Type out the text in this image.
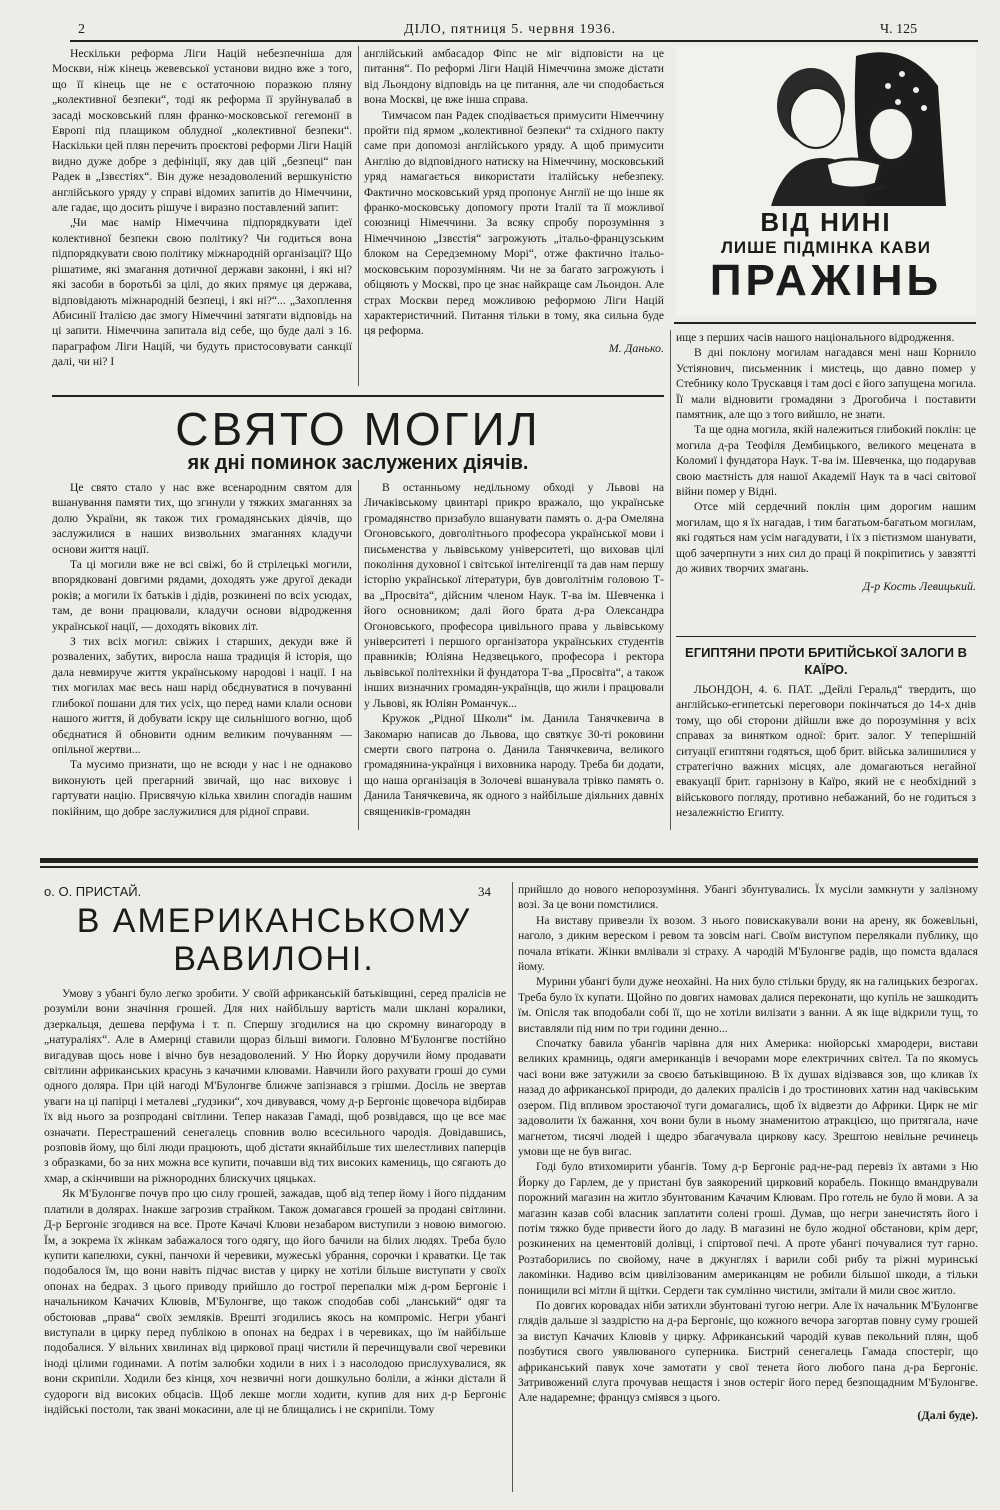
2	ДІЛО, пятниця 5. червня 1936.	Ч. 125

Нeскільки реформа Ліги Націй небезпечніша для Москви, ніж кінець жевевської установи видно вже з того, що її кінець ще не є остаточною поразкою пляну „колективної безпеки“, тоді як реформа її зруйнувалаб в засаді московський плян франко-московської гегемонії в Европі під плащиком облудної „колективної безпеки“. Наскільки цей плян перечить проєктові реформи Ліги Націй видно дуже добре з дефініції, яку дав цій „безпеці“ пан Радек в „Ізвєстіях“. Він дуже незадоволений вершкуністю англійського уряду у справі відомих запитів до Німеччини, але гадає, що досить рішуче і виразно поставлений запит:

„Чи має намір Німеччина підпорядкувати ідеї колективної безпеки свою політику? Чи годиться вона підпорядкувати свою політику міжнародній організації? Що рішатиме, які змагання дотичної держави законні, і які ні? які засоби в боротьбі за цілі, до яких прямує ця держава, відповідають міжнародній безпеці, і які ні?“... „Захоплення Абисинії Італією дає змогу Німеччині затягати відповідь на ці запити. Німеччина запитала від себе, що буде далі з 16. параграфом Ліги Націй, чи будуть пристосовувати санкції далі, чи ні? І

англійський амбасадор Фіпс не міг відповісти на це питання“. По реформі Ліги Націй Німеччина зможе дістати від Льондону відповідь на це питання, але чи сподобається вона Москві, це вже інша справа.

Тимчасом пан Радек сподівається примусити Німеччину пройти під ярмом „колективної безпеки“ та східного пакту саме при допомозі англійського уряду. А щоб примусити Англію до відповідного натиску на Німеччину, московський уряд намагається використати італійську небезпеку. Фактично московський уряд пропонує Англії не що інше як франко-московську допомогу проти Італії та її можливої союзниці Німеччини. За всяку спробу порозуміння з Німеччиною „Ізвєстія“ загрожують „італьо-французським блоком на Середземному Морі“, отже фактично італьо-московським порозумінням. Чи не за багато загрожують і обіцяють у Москві, про це знає найкраще сам Льондон. Але страх Москви перед можливою реформою Ліги Націй характеристичний. Питання тільки в тому, яка сильна буде ця реформа.

М. Данько.
ВІД НИНІ
ЛИШЕ ПІДМІНКА КАВИ
ПРАЖІНЬ
СВЯТО МОГИЛ
як дні поминок заслужених діячів.

Це свято стало у нас вже всенародним святом для вшанування памяти тих, що згинули у тяжких змаганнях за долю України, як також тих громадянських діячів, що заслужилися в наших визвольних змаганнях кладучи основи життя нації.

Та ці могили вже не всі свіжі, бо й стрілецькі могили, впорядковані довгими рядами, доходять уже другої декади років; а могили їх батьків і дідів, розкинені по всіх усюдах, там, де вони працювали, кладучи основи відродження української нації, — доходять вікових літ.

З тих всіх могил: свіжих і старших, декуди вже й розвалених, забутих, виросла наша традиція й історія, що дала невмируче життя українському народові і нації. І на тих могилах має весь наш нарід обєднуватися в почуванні глибокої пошани для тих усіх, що перед нами клали основи нашого життя, й добувати іскру ще сильнішого вогню, щоб обєднатися й обновити одним великим почуванням — опільної жертви...

Та мусимо признати, що не всюди у нас і не однаково виконують цей прегарний звичай, що нас виховує і гартувати націю. Присвячую кілька хвилин спогадів нашим покійним, що добре заслужилися для рідної справи.

В останньому недільному обході у Львові на Личаківському цвинтарі прикро вражало, що українське громадянство призабуло вшанувати память о. д-ра Омеляна Огоновського, довголітнього професора української мови і письменства у львівському університеті, що виховав цілі покоління духовної і світської інтелігенції та дав нам першу історію української літератури, був довголітнім головою Т-ва „Просвіта“, дійсним членом Наук. Т-ва ім. Шевченка і його основником; далі його брата д-ра Олександра Огоновського, професора цивільного права у львівському університеті і першого організатора українських студентів правників; Юліяна Недзвецького, професора і ректора львівської політехніки й фундатора Т-ва „Просвіта“, а також інших визначних громадян-українців, що жили і працювали у Львові, як Юліян Романчук...

Кружок „Рідної Школи“ ім. Данила Танячкевича в Закомарю написав до Львова, що святкує 30-ті роковини смерти свого патрона о. Данила Танячкевича, великого громадянина-українця і виховника народу. Треба би додати, що наша організація в Золочеві вшанувала трівко память о. Данила Танячкевича, як одного з найбільше діяльних давніх священиків-громадян

ище з перших часів нашого національного відродження.

В дні поклону могилам нагадався мені наш Корнило Устіянович, письменник і мистець, що давно помер у Стебнику коло Трускавця і там досі є його запущена могила. Її мали відновити громадяни з Дрогобича і поставити памятник, але що з того вийшло, не знати.

Та ще одна могила, якій належиться глибокий поклін: це могила д-ра Теофіля Дембицького, великого мецената в Коломиї і фундатора Наук. Т-ва ім. Шевченка, що подарував свою маєтність для нашої Академії Наук та в часі світової війни помер у Відні.

Отсе мій сердечний поклін цим дорогим нашим могилам, що я їх нагадав, і тим багатьом-багатьом могилам, які годяться нам усім нагадувати, і їх з пієтизмом шанувати, щоб зачерпнути з них сил до праці й покріпитись у завзятті до живих творчих змагань.

Д-р Кость Левицький.
ЕГИПТЯНИ ПРОТИ БРИТІЙСЬКОЇ ЗАЛОГИ В КАЇРО.

ЛЬОНДОН, 4. 6. ПАТ. „Дейлі Геральд“ твердить, що англійсько-египетські переговори покінчаться до 14-х днів тому, що обі сторони дійшли вже до порозуміння у всіх справах за винятком одної: брит. залог. У теперішній ситуації египтяни годяться, щоб брит. війська залишилися у стратегічно важних місцях, але домагаються негайної евакуації брит. гарнізону в Каїро, який не є необхідний з військового погляду, противно небажаний, бо не годиться з незалежністю Египту.

о. О. ПРИСТАЙ.	34
В АМЕРИКАНСЬКОМУ
ВАВИЛОНІ.

Умову з убангі було легко зробити. У своїй африканській батьківщині, серед пралісів не розуміли вони значіння грошей. Для них найбільшу вартість мали шклані коралики, дзеркальця, дешева перфума і т. п. Спершу згодилися на цю скромну винагороду в „натураліях“. Але в Америці ставили щораз більші вимоги. Головно М'Булонгве постійно вигадував щось нове і вічно був незадоволений. У Ню Йорку доручили йому продавати світлини африканських красунь з качачими клювами. Навчили його рахувати гроші до суми одного доляра. При цій нагоді М'Булонгве ближче запізнався з грішми. Досіль не звертав уваги на ці папірці і металеві „ґудзики“, хоч дивувався, чому д-р Бергоніє щовечора відбирав їх від нього за розпродані світлини. Тепер наказав Гамаді, щоб розвідався, що це все має означати. Перестрашений сенегалець сповнив волю всесильного чародія. Довідавшись, розповів йому, що білі люди працюють, щоб дістати якнайбільше тих шелестливих паперців з образками, бо за них можна все купити, почавши від тих високих камениць, що сягають до хмар, а скінчивши на ріжнородних блискучих цяцьках.

Як М'Булонгве почув про цю силу грошей, зажадав, щоб від тепер йому і його підданим платили в долярах. Інакше загрозив страйком. Також домагався грошей за продані світлини. Д-р Бергоніє згодився на все. Проте Качачі Клюви незабаром виступили з новою вимогою. Їм, а зокрема їх жінкам забажалося того одягу, що його бачили на білих людях. Треба було купити капелюхи, сукні, панчохи й черевики, мужеські убрання, сорочки і краватки. Це так подобалося їм, що вони навіть підчас вистав у цирку не хотіли більше виступати у своїх опонах на бедрах. З цього приводу прийшло до гострої перепалки між д-ром Бергоніє і начальником Качачих Клювів, М'Булонгве, що також сподобав собі „ланський“ одяг та обстоював „права“ своїх земляків. Врешті згодились якось на компроміс. Негри убангі виступали в цирку перед публікою в опонах на бедрах і в черевиках, що їм найбільше подобалися. У вільних хвилинах від циркової праці чистили й перечищували свої черевики іноді цілими годинами. А потім залюбки ходили в них і з насолодою прислухувалися, як вони скрипіли. Ходили без кінця, хоч незвичні ноги дошкульно боліли, а жінки дістали й судороги від високих обцасів. Щоб лекше могли ходити, купив для них д-р Бергоніє індійські постоли, так звані мокасини, але ці не блищались і не скрипіли. Тому

прийшло до нового непорозуміння. Убангі збунтувались. Їх мусіли замкнути у залізному возі. За це вони помстилися.

На виставу привезли їх возом. З нього повискакували вони на арену, як божевільні, наголо, з диким вереском і ревом та зовсім нагі. Своїм виступом перелякали публику, що почала втікати. Жінки вмлівали зі страху. А чародій М'Булонгве радів, що помста вдалася йому.

Мурини убангі були дуже неохайні. На них було стільки бруду, як на галицьких безрогах. Треба було їх купати. Щойно по довгих намовах далися переконати, що купіль не зашкодить їм. Опісля так вподобали собі її, що не хотіли вилізати з ванни. А як іще відкрили тущ, то виставляли під ним по три години денно...

Спочатку бавила убангів чарівна для них Америка: нюйорські хмародери, вистави великих крамниць, одяги американців і вечорами море електричних світел. Та по якомусь часі вони вже затужили за своєю батьківщиною. В їх душах відізвався зов, що кликав їх назад до африканської природи, до далеких пралісів і до тростинових хатин над чаківським озером. Під впливом зростаючої туги домагались, щоб їх відвезти до Африки. Цирк не міг задоволити їх бажання, хоч вони були в ньому знаменитою атракцією, що притягала, наче магнетом, тисячі людей і щедро збагачувала циркову касу. Зрештою невільне речинець умови ще не був вигас.

Годі було втихомирити убангів. Тому д-р Бергоніє рад-не-рад перевіз їх автами з Ню Йорку до Гарлем, де у пристані був заякорений цирковий корабель. Покищо вмандрували порожний магазин на житло збунтованим Качачим Клювам. Про готель не було й мови. А за магазин казав собі власник заплатити солені гроші. Думав, що негри занечистять його і потім тяжко буде привести його до ладу. В магазині не було жодної обстанови, крім дерг, розкинених на цементовій долівці, і спіртової печі. А проте убангі почувалися тут гарно. Розтаборились по свойому, наче в джунглях і варили собі рибу та ріжні муринські лакомінки. Надиво всім цивілізованим американцям не робили більшої шкоди, а тільки понищили всі мітли й щітки. Сердеги так сумлінно чистили, змітали й мили своє житло.

По довгих коровадах ніби затихли збунтовані тугою негри. Але їх начальник М'Булонгве глядів дальше зі заздрістю на д-ра Бергоніє, що кожного вечора загортав повну суму грошей за виступ Качачих Клювів у цирку. Африканський чародій кував пекольний плян, щоб позбутися свого уявлюваного суперника. Бистрий сенегалець Гамада спостеріг, що африканський павук хоче замотати у свої тенета його любого пана д-ра Бергоніє. Затривожений слуга прочував нещастя і знов остеріг його перед безпощадним М'Булонгве. Але надаремне; француз сміявся з цього.

(Далі буде).
